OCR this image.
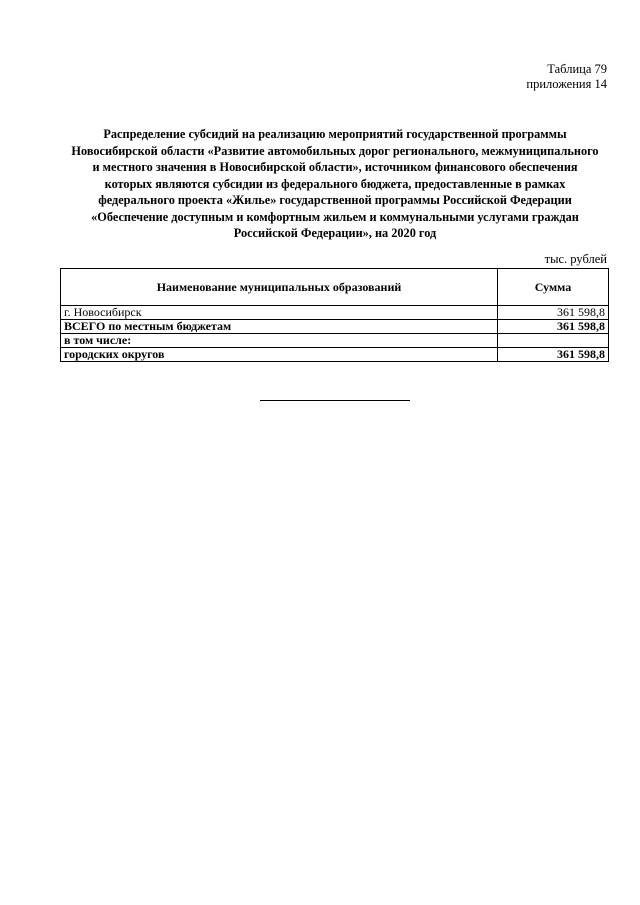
Таблица 79
приложения 14
Распределение субсидий на реализацию мероприятий государственной программы
Новосибирской области «Развитие автомобильных дорог регионального, межмуниципального
и местного значения в Новосибирской области», источником финансового обеспечения
которых являются субсидии из федерального бюджета, предоставленные в рамках
федерального проекта «Жилье» государственной программы Российской Федерации
«Обеспечение доступным и комфортным жильем и коммунальными услугами граждан
Российской Федерации», на 2020 год
тыс. рублей
Наименование муниципальных образований	Сумма
г. Новосибирск	361 598,8
ВСЕГО по местным бюджетам	361 598,8
в том числе:	
городских округов	361 598,8
